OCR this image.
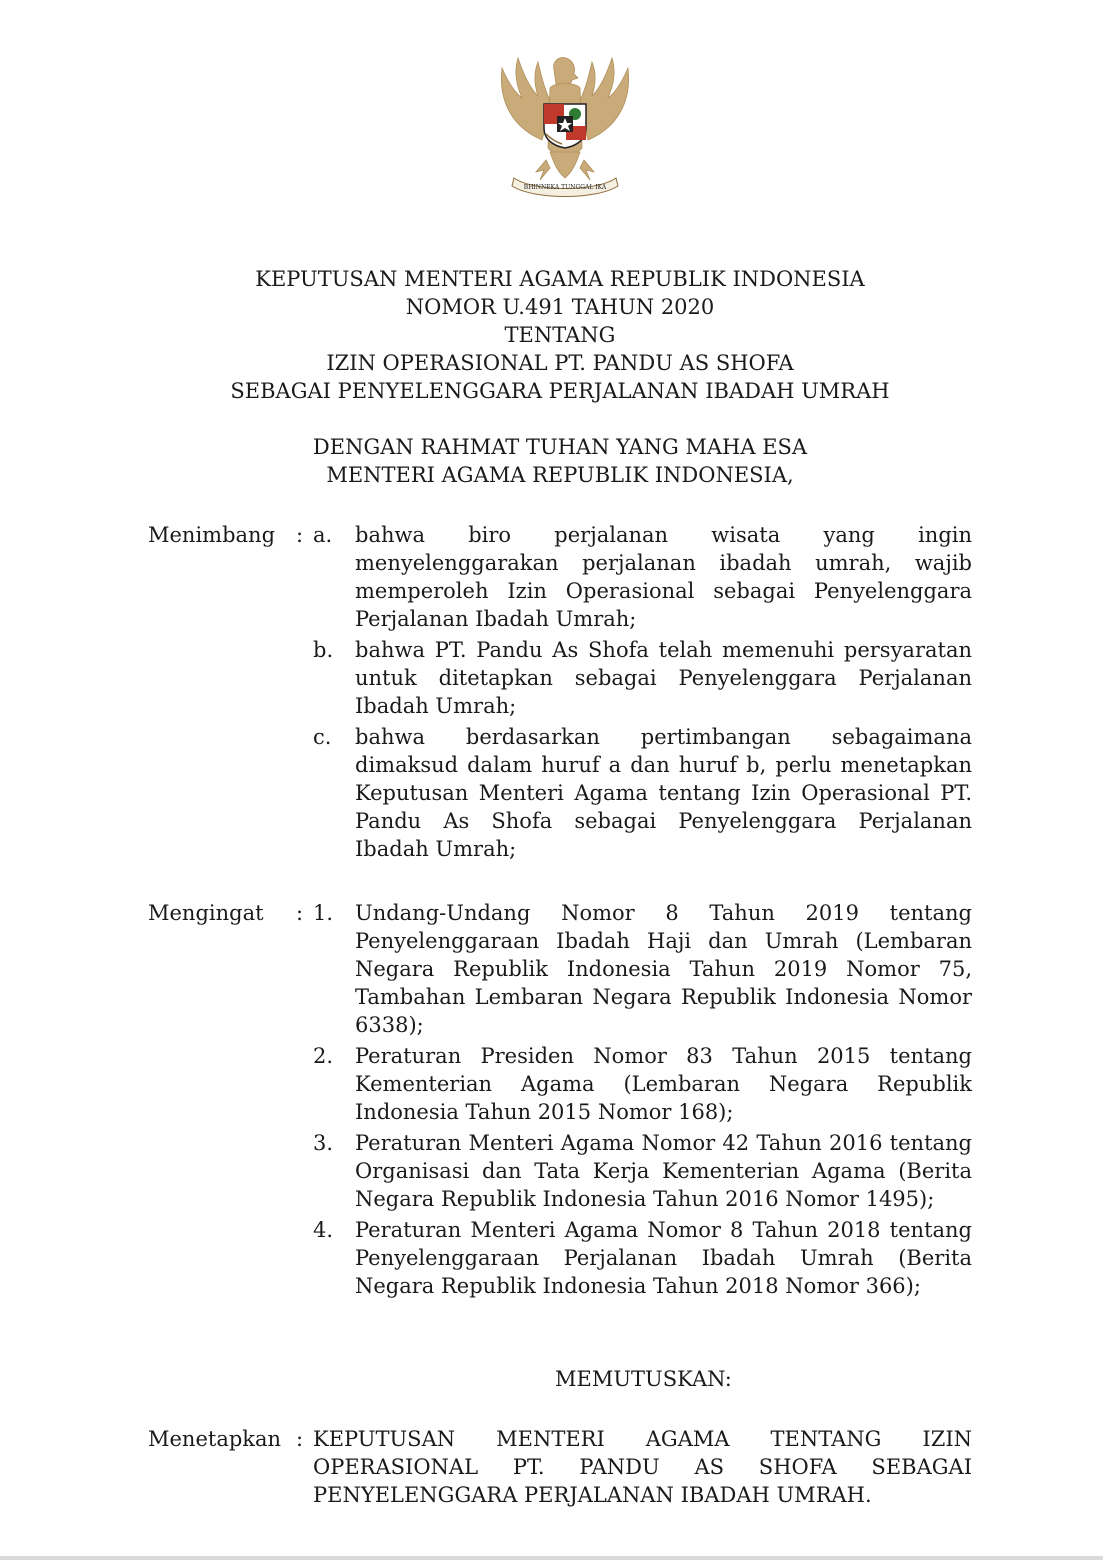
BHINNEKA TUNGGAL IKA
KEPUTUSAN MENTERI AGAMA REPUBLIK INDONESIA
NOMOR U.491 TAHUN 2020
TENTANG
IZIN OPERASIONAL PT. PANDU AS SHOFA
SEBAGAI PENYELENGGARA PERJALANAN IBADAH UMRAH
DENGAN RAHMAT TUHAN YANG MAHA ESA
MENTERI AGAMA REPUBLIK INDONESIA,
Menimbang : a.	bahwa biro perjalanan wisata yang ingin menyelenggarakan perjalanan ibadah umrah, wajib memperoleh Izin Operasional sebagai Penyelenggara Perjalanan Ibadah Umrah;
b.	bahwa PT. Pandu As Shofa telah memenuhi persyaratan untuk ditetapkan sebagai Penyelenggara Perjalanan Ibadah Umrah;
c.	bahwa berdasarkan pertimbangan sebagaimana dimaksud dalam huruf a dan huruf b, perlu menetapkan Keputusan Menteri Agama tentang Izin Operasional PT. Pandu As Shofa sebagai Penyelenggara Perjalanan Ibadah Umrah;
Mengingat	: 1.	Undang-Undang Nomor 8 Tahun 2019 tentang Penyelenggaraan Ibadah Haji dan Umrah (Lembaran Negara Republik Indonesia Tahun 2019 Nomor 75, Tambahan Lembaran Negara Republik Indonesia Nomor 6338);
2.	Peraturan Presiden Nomor 83 Tahun 2015 tentang Kementerian Agama (Lembaran Negara Republik Indonesia Tahun 2015 Nomor 168);
3.	Peraturan Menteri Agama Nomor 42 Tahun 2016 tentang Organisasi dan Tata Kerja Kementerian Agama (Berita Negara Republik Indonesia Tahun 2016 Nomor 1495);
4.	Peraturan Menteri Agama Nomor 8 Tahun 2018 tentang Penyelenggaraan Perjalanan Ibadah Umrah (Berita Negara Republik Indonesia Tahun 2018 Nomor 366);
MEMUTUSKAN:
Menetapkan : KEPUTUSAN MENTERI AGAMA TENTANG IZIN OPERASIONAL PT. PANDU AS SHOFA SEBAGAI PENYELENGGARA PERJALANAN IBADAH UMRAH.
